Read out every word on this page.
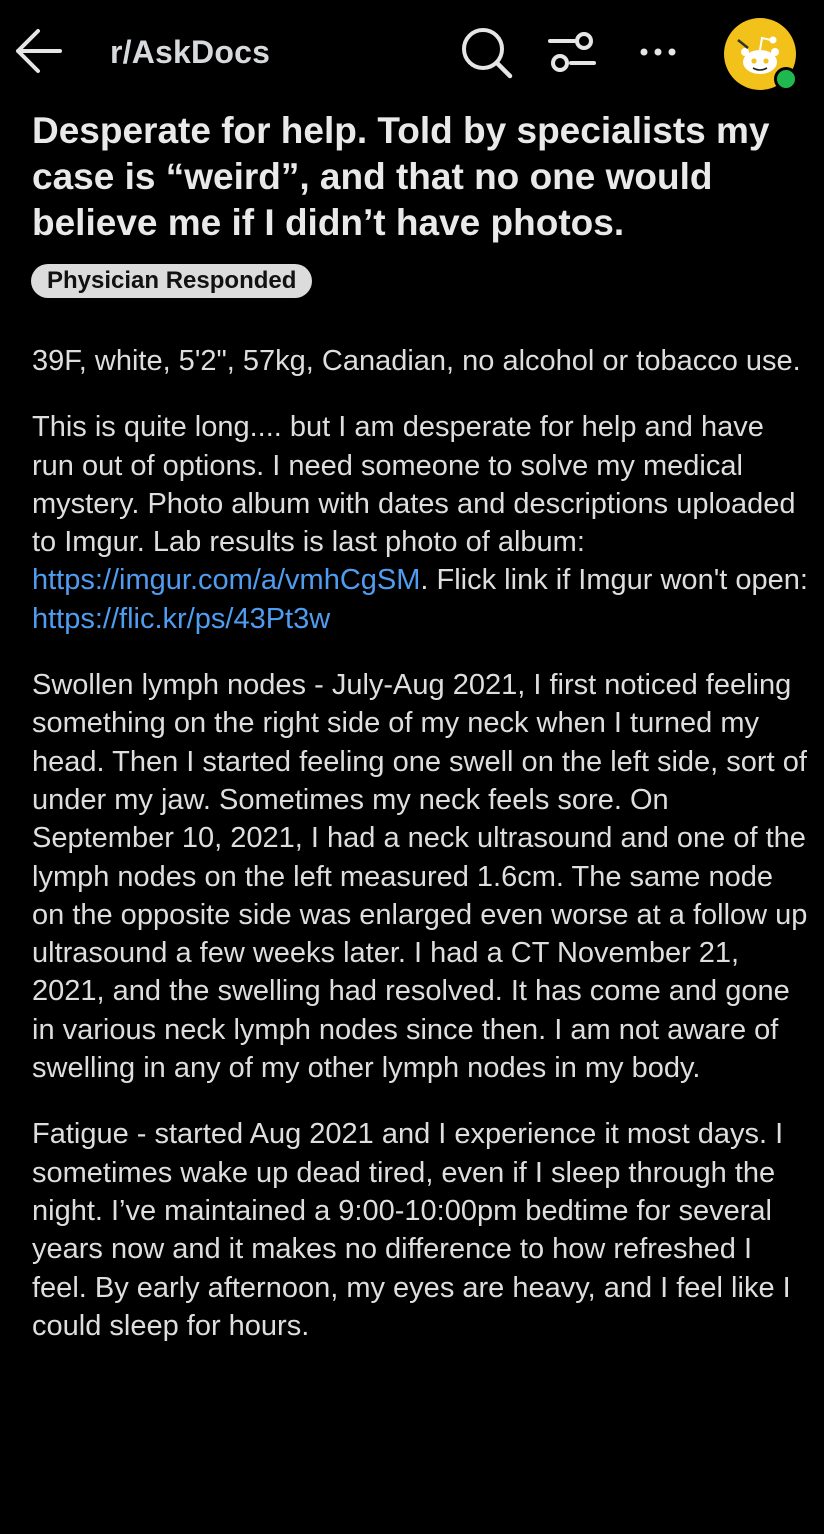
r/AskDocs
Desperate for help. Told by specialists my case is “weird”, and that no one would believe me if I didn’t have photos.
Physician Responded

39F, white, 5'2", 57kg, Canadian, no alcohol or tobacco use.

This is quite long.... but I am desperate for help and have run out of options. I need someone to solve my medical mystery. Photo album with dates and descriptions uploaded to Imgur. Lab results is last photo of album: https://imgur.com/a/vmhCgSM. Flick link if Imgur won't open: https://flic.kr/ps/43Pt3w

Swollen lymph nodes - July-Aug 2021, I first noticed feeling something on the right side of my neck when I turned my head. Then I started feeling one swell on the left side, sort of under my jaw. Sometimes my neck feels sore. On September 10, 2021, I had a neck ultrasound and one of the lymph nodes on the left measured 1.6cm. The same node on the opposite side was enlarged even worse at a follow up ultrasound a few weeks later. I had a CT November 21, 2021, and the swelling had resolved. It has come and gone in various neck lymph nodes since then. I am not aware of swelling in any of my other lymph nodes in my body.

Fatigue - started Aug 2021 and I experience it most days. I sometimes wake up dead tired, even if I sleep through the night. I’ve maintained a 9:00-10:00pm bedtime for several years now and it makes no difference to how refreshed I feel. By early afternoon, my eyes are heavy, and I feel like I could sleep for hours.
